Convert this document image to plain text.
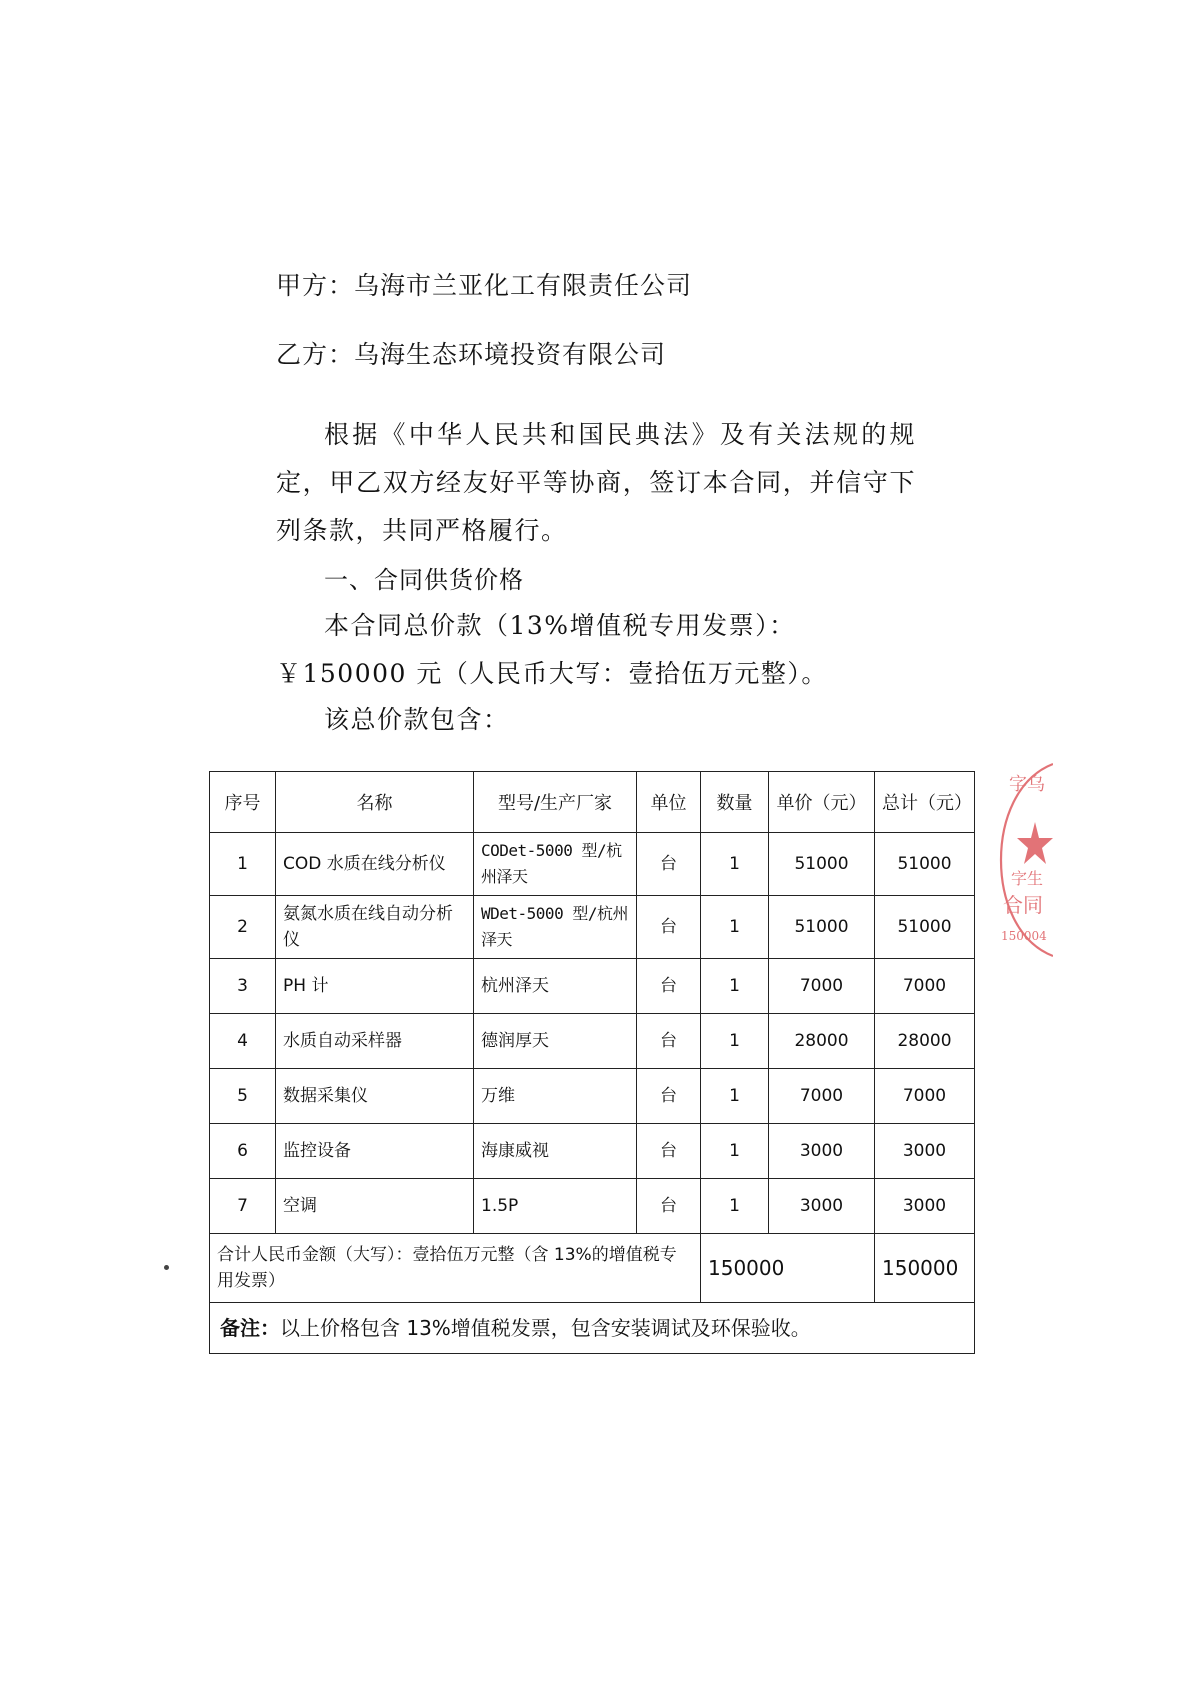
甲方：乌海市兰亚化工有限责任公司
乙方：乌海生态环境投资有限公司
根据《中华人民共和国民典法》及有关法规的规定，甲乙双方经友好平等协商，签订本合同，并信守下列条款，共同严格履行。
一、合同供货价格
本合同总价款（13%增值税专用发票）：￥150000 元（人民币大写：壹拾伍万元整）。
该总价款包含：
序号	名称	型号/生产厂家	单位	数量	单价（元）	总计（元）
1	COD 水质在线分析仪	CODet-5000 型/杭州泽天	台	1	51000	51000
2	氨氮水质在线自动分析仪	WDet-5000 型/杭州泽天	台	1	51000	51000
3	PH 计	杭州泽天	台	1	7000	7000
4	水质自动采样器	德润厚天	台	1	28000	28000
5	数据采集仪	万维	台	1	7000	7000
6	监控设备	海康威视	台	1	3000	3000
7	空调	1.5P	台	1	3000	3000
合计人民币金额（大写）：壹拾伍万元整（含 13%的增值税专用发票）				150000		150000
备注：以上价格包含 13%增值税发票，包含安装调试及环保验收。						
字乌
字生
合同
150004
